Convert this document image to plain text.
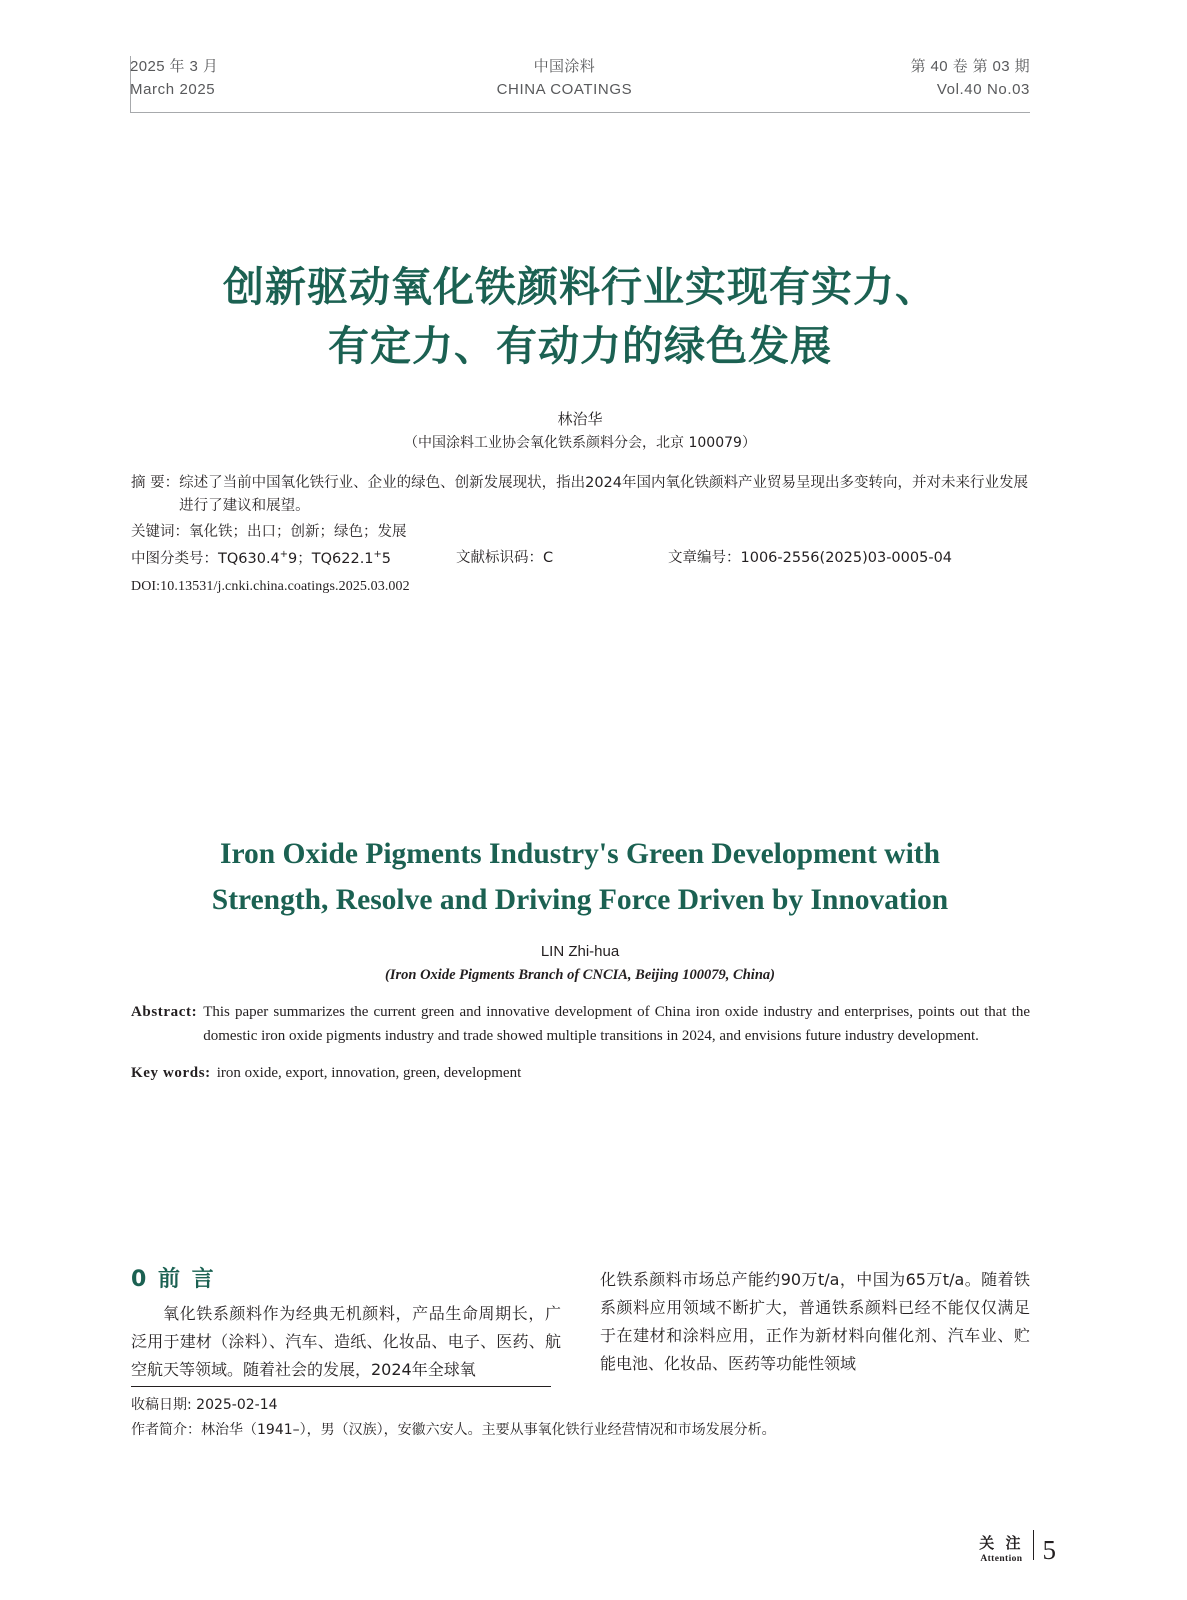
2025 年 3 月
March 2025
中国涂料
CHINA COATINGS
第 40 卷 第 03 期
Vol.40 No.03
创新驱动氧化铁颜料行业实现有实力、
有定力、有动力的绿色发展
林治华
（中国涂料工业协会氧化铁系颜料分会，北京 100079）
摘 要： 综述了当前中国氧化铁行业、企业的绿色、创新发展现状，指出2024年国内氧化铁颜料产业贸易呈现出多变转向，并对未来行业发展进行了建议和展望。
关键词： 氧化铁；出口；创新；绿色；发展
中图分类号：TQ630.4+9；TQ622.1+5	文献标识码：C	文章编号：1006-2556(2025)03-0005-04
DOI:10.13531/j.cnki.china.coatings.2025.03.002
Iron Oxide Pigments Industry's Green Development with
Strength, Resolve and Driving Force Driven by Innovation
LIN Zhi-hua
(Iron Oxide Pigments Branch of CNCIA, Beijing 100079, China)
Abstract: This paper summarizes the current green and innovative development of China iron oxide industry and enterprises, points out that the domestic iron oxide pigments industry and trade showed multiple transitions in 2024, and envisions future industry development.
Key words: iron oxide, export, innovation, green, development
0 前 言

氧化铁系颜料作为经典无机颜料，产品生命周期长，广泛用于建材（涂料）、汽车、造纸、化妆品、电子、医药、航空航天等领域。随着社会的发展，2024年全球氧

化铁系颜料市场总产能约90万t/a，中国为65万t/a。随着铁系颜料应用领域不断扩大，普通铁系颜料已经不能仅仅满足于在建材和涂料应用，正作为新材料向催化剂、汽车业、贮能电池、化妆品、医药等功能性领域

收稿日期: 2025-02-14
作者简介：林治华（1941–），男（汉族），安徽六安人。主要从事氧化铁行业经营情况和市场发展分析。
关 注
Attention 5
